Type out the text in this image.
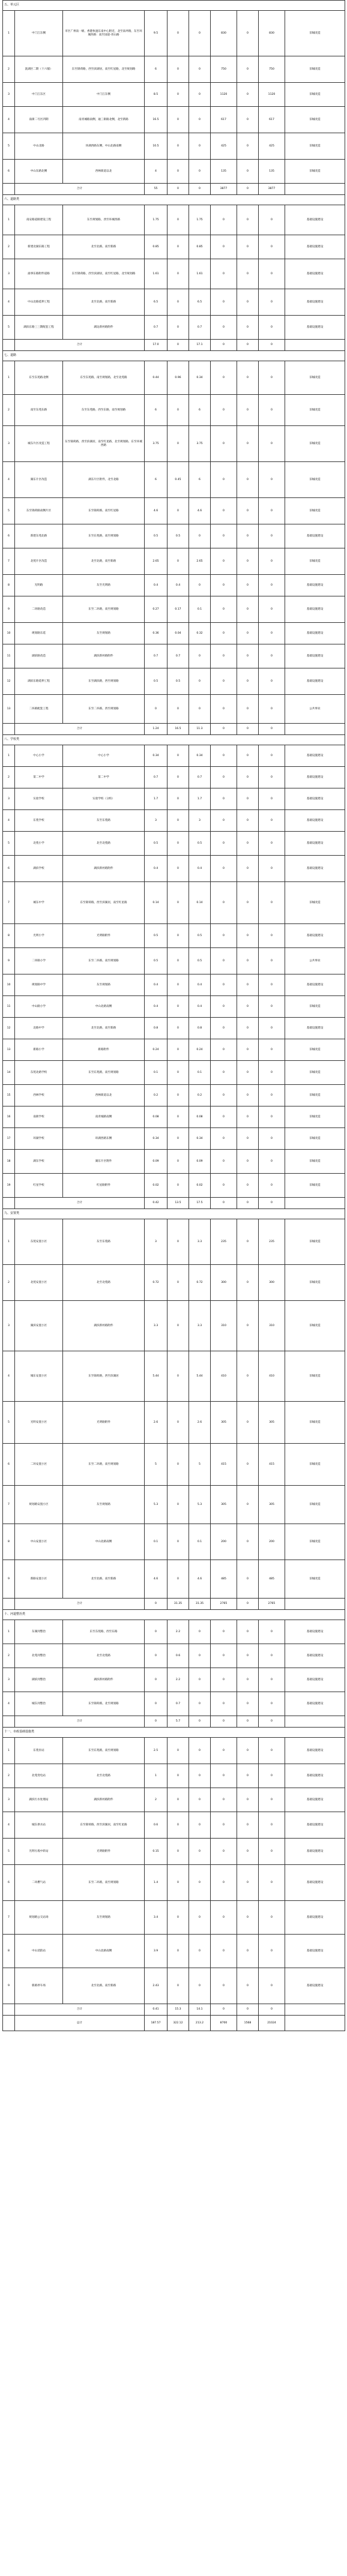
五、单元区									
1	中门江东侧	市区广州南一级、香港快速东南中心附近，北至南坪路，东至环城西路：南至国道-青山路	9.5	0	0	830	0	830	旧城改造
2	洗湖区二期（十六铺）	东至锦荷路，西至滨湖居，南至红星路，北至规划路	6	0	0	750	0	750	旧城改造
3	中门江东区	中门江东侧	8.5	0	0	1120	0	1120	旧城改造
4	南街二号区四期	南青城路南侧，通三街路北侧，北至新路	16.5	0	0	617	0	617	旧城改造
5	中山北路	环湖西路东侧，中山北路南侧	10.5	0	0	425	0	425	旧城改造
6	中山东路北侧	西林街道以北	4	0	0	135	0	135	旧城改造
	合计		55	0	0	3877	0	3877	
六、道路类									
1	南安路道路建设工程	东至规划路，西至环城西路	1.75	0	1.75	0	0	0	基础设施建设
2	新建北湖东路工程	北至北路，南至新路	0.85	0	0.85	0	0	0	基础设施建设
3	溢事东路附件道路	东至锦荷路，西至滨湖居，南至红星路，北至规划路	1.61	0	1.61	0	0	0	基础设施建设
4	中山北路延伸工程	北至北路，南至新路	6.5	0	6.5	0	0	0	基础设施建设
5	湖滨东路三三期配套工程	湖边新村路附件	0.7	0	0.7	0	0	0	基础设施建设
	合计		17.0	0	17.1	0	0	0	
七、道路									
1	东至东苑路北侧	东至东苑路，南至规划路，北至北苑路	0.44	0.96	0.34	0	0	0	旧城改造
2	南至东苑东路	东至东苑路，西至东路，南至规划路	6	0	6	0	0	0	旧城改造
3	城东片区改造工程	东至锦荷路，西至滨湖居，南至红星路，北至规划路，东至环城西路	3.75	0	3.75	0	0	0	旧城改造
4	湖东片区改造	湖东片区附件，北至北路	6	0.45	6	0	0	0	旧城改造
5	东至锦荷路南侧片区	东至锦荷路，南至红星路	4.6	0	4.6	0	0	0	旧城改造
6	新建东苑北路	东至东苑路，南至规划路	0.5	0.5	0	0	0	0	基础设施建设
7	北苑片区改造	北至北路，南至新路	2.65	0	2.65	0	0	0	旧城改造
8	光明路	东至光明路	0.4	0.4	0	0	0	0	基础设施建设
9	二环路改造	东至二环路，南至规划路	0.27	0.17	0.1	0	0	0	基础设施建设
10	规划路东延	东至规划路	0.36	0.04	0.32	0	0	0	基础设施建设
11	湖滨路改造	湖滨新村路附件	0.7	0.7	0	0	0	0	基础设施建设
12	湖滨东路延伸工程	东至湖滨路，西至规划路	0.5	0.5	0	0	0	0	基础设施建设
13	二环路配套工程	东至二环路，西至规划路	0	0	0	0	0	0	公共事业
	合计		1.24	16.5	11.3	0	0	0	
八、学校类									
1	中心小学	中心小学	0.34	0	0.34	0	0	0	基础设施建设
2	第二中学	第二中学	0.7	0	0.7	0	0	0	基础设施建设
3	实验学校	实验学校（分校）	1.7	0	1.7	0	0	0	基础设施建设
4	东苑学校	东至东苑路	3	0	3	0	0	0	基础设施建设
5	北苑小学	北至北苑路	0.5	0	0.5	0	0	0	基础设施建设
6	湖滨学校	湖滨新村路附件	0.4	0	0.4	0	0	0	基础设施建设
7	城东中学	东至锦荷路，西至滨湖居，南至红星路	0.14	0	0.14	0	0	0	旧城改造
8	光明小学	光明路附件	0.5	0	0.5	0	0	0	基础设施建设
9	二环路小学	东至二环路，南至规划路	0.5	0	0.5	0	0	0	公共事业
10	规划路中学	东至规划路	0.4	0	0.4	0	0	0	基础设施建设
11	中山路小学	中山北路南侧	0.4	0	0.4	0	0	0	旧城改造
12	北路中学	北至北路，南至新路	0.8	0	0.8	0	0	0	基础设施建设
13	新路小学	新路附件	0.24	0	0.24	0	0	0	旧城改造
14	东苑北路学校	东至东苑路，南至规划路	0.1	0	0.1	0	0	0	旧城改造
15	西林学校	西林街道以北	0.2	0	0.2	0	0	0	旧城改造
16	南街学校	南青城路南侧	0.08	0	0.08	0	0	0	旧城改造
17	环湖学校	环湖西路东侧	0.34	0	0.34	0	0	0	旧城改造
18	湖东学校	湖东片区附件	0.09	0	0.09	0	0	0	旧城改造
19	红星学校	红星路附件	0.02	0	0.02	0	0	0	旧城改造
	合计		0.42	13.5	17.5	0	0	0	
九、安置类									
1	东苑安置小区	东至东苑路	3	0	3.3	235	0	235	旧城改造
2	北苑安置小区	北至北苑路	0.72	0	0.72	300	0	300	旧城改造
3	湖滨安置小区	湖滨新村路附件	3.3	0	3.3	310	0	310	旧城改造
4	城东安置小区	东至锦荷路，西至滨湖居	5.44	0	5.44	410	0	410	旧城改造
5	光明安置小区	光明路附件	2.6	0	2.6	305	0	305	旧城改造
6	二环安置小区	东至二环路，南至规划路	5	0	5	415	0	415	旧城改造
7	规划路安置小区	东至规划路	5.3	0	5.3	305	0	305	旧城改造
8	中山安置小区	中山北路南侧	0.1	0	0.1	200	0	200	旧城改造
9	新路安置小区	北至北路，南至新路	4.6	0	4.6	485	0	485	旧城改造
	合计		0	31.35	31.35	2765	0	2765	
十、河道整治类									
1	东湖河整治	东至东苑路，西至东路	0	2.2	0	0	0	0	基础设施建设
2	北苑河整治	北至北苑路	0	0.6	0	0	0	0	基础设施建设
3	湖滨河整治	湖滨新村路附件	0	2.2	0	0	0	0	基础设施建设
4	城东河整治	东至锦荷路，北至规划路	0	0.7	0	0	0	0	基础设施建设
	合计		0	5.7	0	0	0	0	
十一、市政基础设施类									
1	东苑泵站	东至东苑路，南至规划路	2.5	0	0	0	0	0	基础设施建设
2	北苑变电站	北至北苑路	1	0	0	0	0	0	基础设施建设
3	湖滨污水处理站	湖滨新村路附件	2	0	0	0	0	0	基础设施建设
4	城东供水站	东至锦荷路，西至滨湖居，南至红星路	0.6	0	0	0	0	0	基础设施建设
5	光明垃圾中转站	光明路附件	0.15	0	0	0	0	0	基础设施建设
6	二环燃气站	东至二环路，南至规划路	1.4	0	0	0	0	0	基础设施建设
7	规划路公交站场	东至规划路	3.4	0	0	0	0	0	基础设施建设
8	中山消防站	中山北路南侧	3.9	0	0	0	0	0	基础设施建设
9	新路停车场	北至北路，南至新路	2.43	0	0	0	0	0	基础设施建设
	合计		0.41	15.3	14.1	0	0	0	
	总计		187.57	322.12	213.2	8700	1568	21024	
